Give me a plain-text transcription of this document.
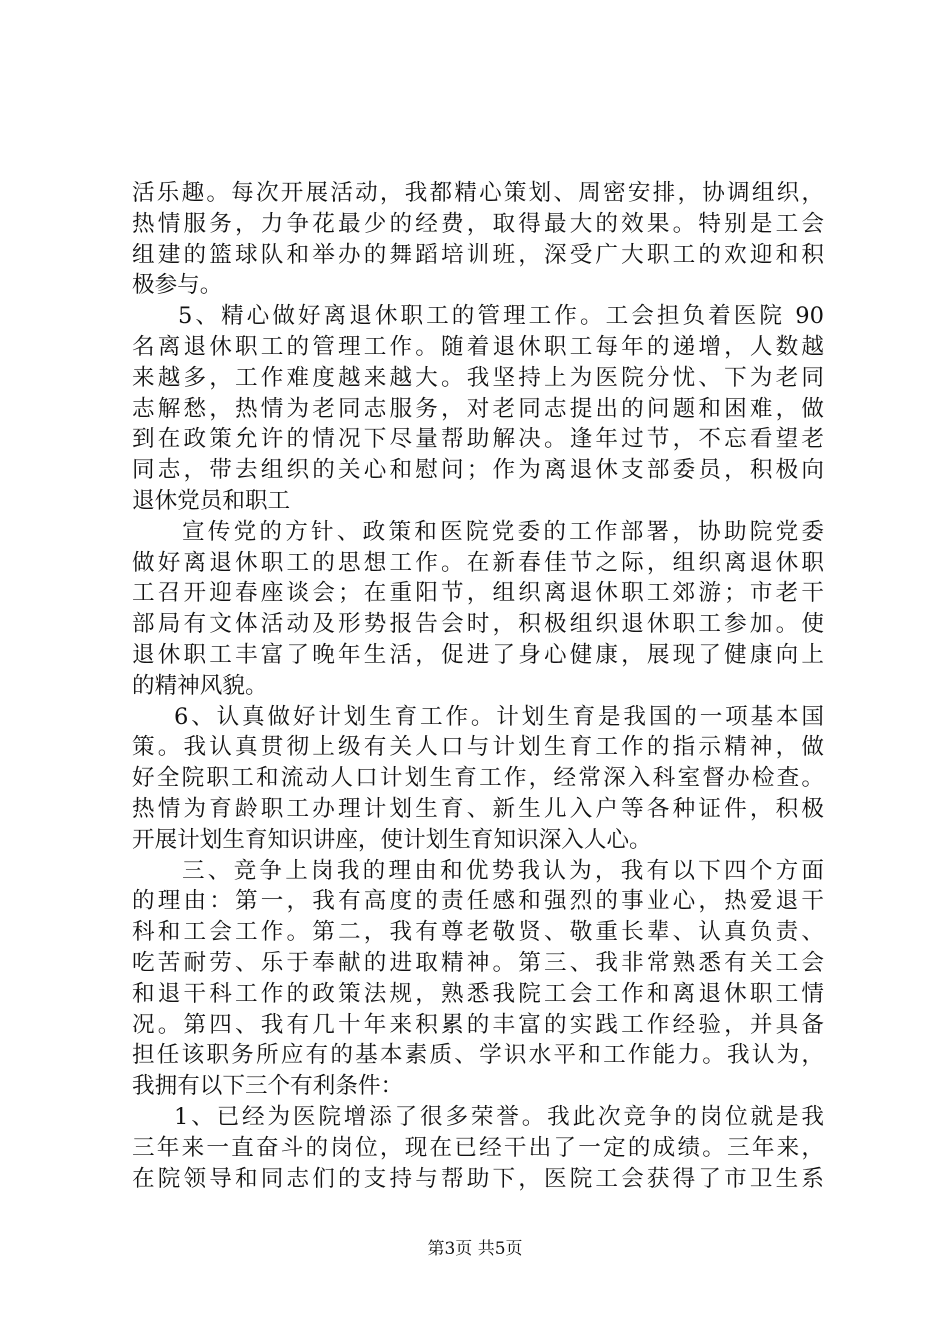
活乐趣。每次开展活动，我都精心策划、周密安排，协调组织，
热情服务，力争花最少的经费，取得最大的效果。特别是工会
组建的篮球队和举办的舞蹈培训班，深受广大职工的欢迎和积
极参与。
5、精心做好离退休职工的管理工作。工会担负着医院 90
名离退休职工的管理工作。随着退休职工每年的递增，人数越
来越多，工作难度越来越大。我坚持上为医院分忧、下为老同
志解愁，热情为老同志服务，对老同志提出的问题和困难，做
到在政策允许的情况下尽量帮助解决。逢年过节，不忘看望老
同志，带去组织的关心和慰问；作为离退休支部委员，积极向
退休党员和职工
宣传党的方针、政策和医院党委的工作部署，协助院党委
做好离退休职工的思想工作。在新春佳节之际，组织离退休职
工召开迎春座谈会；在重阳节，组织离退休职工郊游；市老干
部局有文体活动及形势报告会时，积极组织退休职工参加。使
退休职工丰富了晚年生活，促进了身心健康，展现了健康向上
的精神风貌。
6、认真做好计划生育工作。计划生育是我国的一项基本国
策。我认真贯彻上级有关人口与计划生育工作的指示精神，做
好全院职工和流动人口计划生育工作，经常深入科室督办检查。
热情为育龄职工办理计划生育、新生儿入户等各种证件，积极
开展计划生育知识讲座，使计划生育知识深入人心。
三、竞争上岗我的理由和优势我认为，我有以下四个方面
的理由：第一，我有高度的责任感和强烈的事业心，热爱退干
科和工会工作。第二，我有尊老敬贤、敬重长辈、认真负责、
吃苦耐劳、乐于奉献的进取精神。第三、我非常熟悉有关工会
和退干科工作的政策法规，熟悉我院工会工作和离退休职工情
况。第四、我有几十年来积累的丰富的实践工作经验，并具备
担任该职务所应有的基本素质、学识水平和工作能力。我认为，
我拥有以下三个有利条件：
1、已经为医院增添了很多荣誉。我此次竞争的岗位就是我
三年来一直奋斗的岗位，现在已经干出了一定的成绩。三年来，
在院领导和同志们的支持与帮助下，医院工会获得了市卫生系
第3页 共5页
